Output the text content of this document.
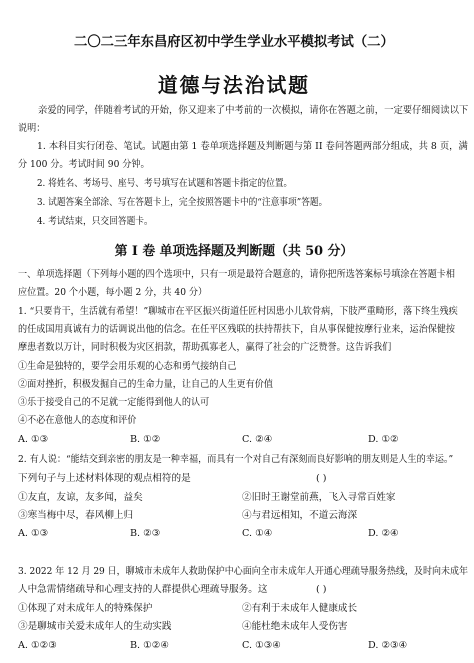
二〇二三年东昌府区初中学生学业水平模拟考试（二）
道德与法治试题
亲爱的同学，伴随着考试的开始，你又迎来了中考前的一次模拟，请你在答题之前，一定要仔细阅读以下
说明：
1. 本科目实行闭卷、笔试。试题由第 1 卷单项选择题及判断题与第 II 卷问答题两部分组成，共 8 页，满
分 100 分。考试时间 90 分钟。
2. 将姓名、考场号、座号、考号填写在试题和答题卡指定的位置。
3. 试题答案全部涂、写在答题卡上，完全按照答题卡中的“注意事项”答题。
4. 考试结束，只交回答题卡。
第 I 卷 单项选择题及判断题（共 50 分）
一、单项选择题（下列每小题的四个选项中，只有一项是最符合题意的，请你把所选答案标号填涂在答题卡相
应位置。20 个小题，每小题 2 分，共 40 分）
1. “只要肯干，生活就有希望！”聊城市在平区振兴街道任匠村因患小儿软骨病，下肢严重畸形，落下终生残疾
的任成国用真诚有力的话调说出他的信念。在任平区残联的扶持帮扶下，自从事保健按摩行业来，运治保健按
摩患者数以万计，同时积极为灾区捐款，帮助孤寡老人，赢得了社会的广泛赞誉。这告诉我们
①生命是独特的，要学会用乐观的心态和勇气接纳自己
②面对挫折，积极发掘自己的生命力量，让自己的人生更有价值
③乐于接受自己的不足就一定能得到他人的认可
④不必在意他人的态度和评价
A. ①③	B. ①②	C. ②④	D. ①②
2. 有人说：“能结交到亲密的朋友是一种幸福，而具有一个对自己有深刻而良好影响的朋友则是人生的幸运。”
下列句子与上述材料体现的观点相符的是	( )
①友直，友谅，友多闻，益矣	②旧时王谢堂前燕，飞入寻常百姓家
③寒当梅中尽，春风柳上归	④与君远相知，不道云海深
A. ①③	B. ②③	C. ①④	D. ②④
3. 2022 年 12 月 29 日，聊城市未成年人救助保护中心面向全市未成年人开通心理疏导服务热线，及时向未成年
人中急需情绪疏导和心理支持的人群提供心理疏导服务。这	( )
①体现了对未成年人的特殊保护	②有利于未成年人健康成长
③是聊城市关爱未成年人的生动实践	④能杜绝未成年人受伤害
A. ①②③	B. ①②④	C. ①③④	D. ②③④
